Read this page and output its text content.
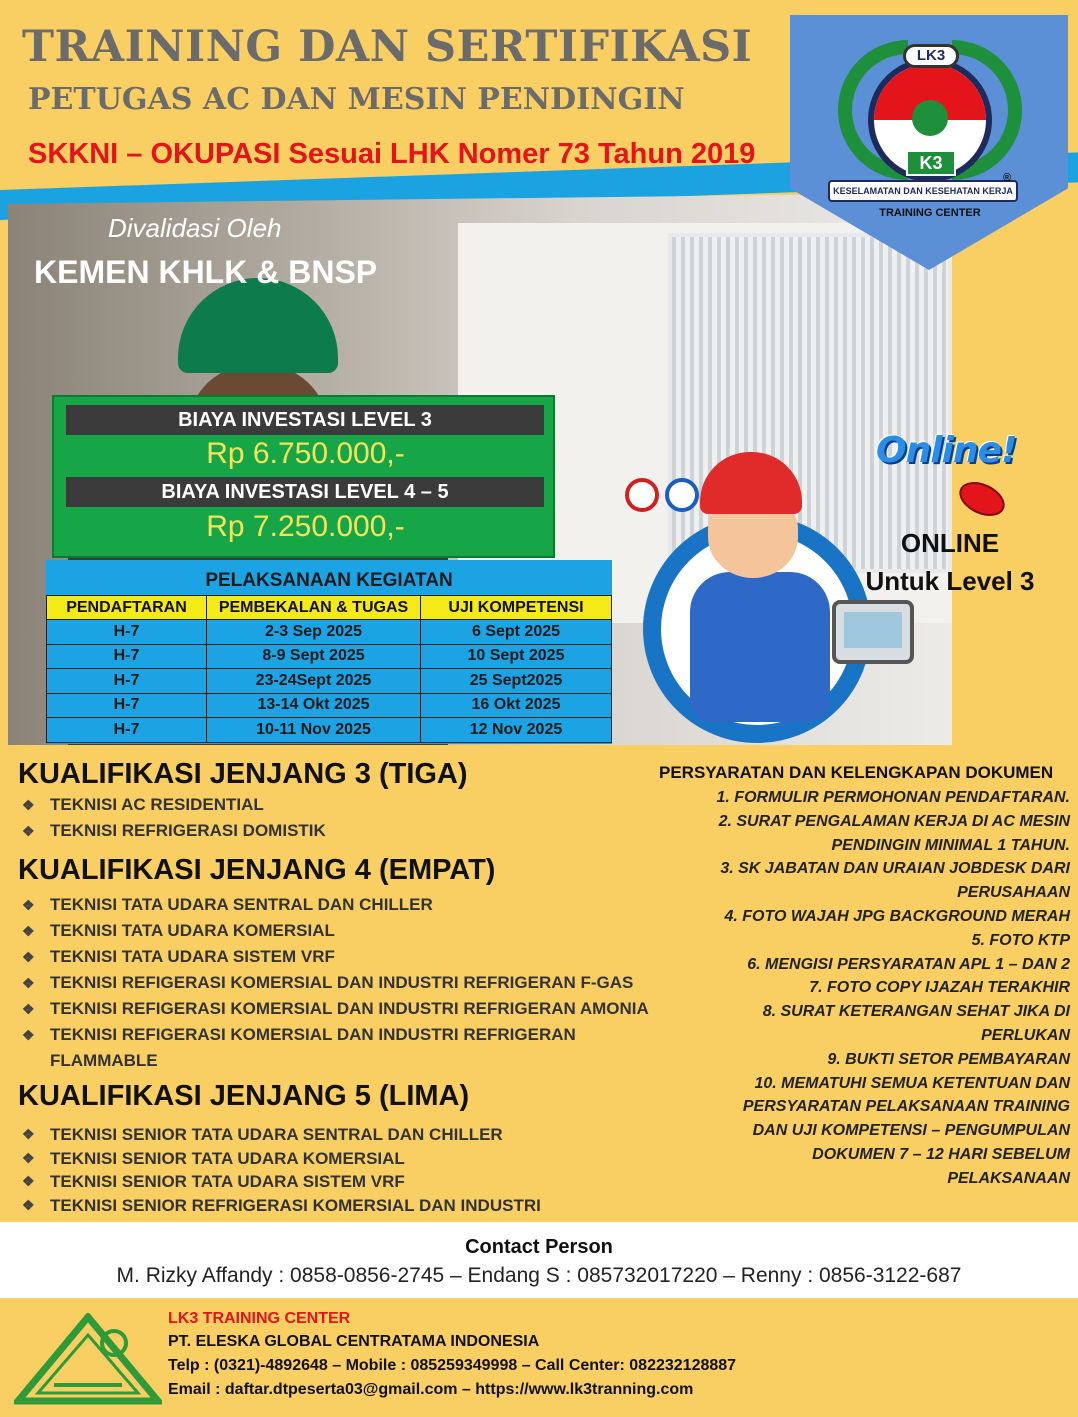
TRAINING DAN SERTIFIKASI
PETUGAS AC DAN MESIN PENDINGIN
SKKNI – OKUPASI Sesuai LHK Nomer 73 Tahun 2019
Divalidasi Oleh
KEMEN KHLK & BNSP
LK3
K3
KESELAMATAN DAN KESEHATAN KERJA
TRAINING CENTER
®
BIAYA INVESTASI LEVEL 3
Rp 6.750.000,-
BIAYA INVESTASI LEVEL 4 – 5
Rp 7.250.000,-
PELAKSANAAN KEGIATAN
PENDAFTARAN	PEMBEKALAN & TUGAS	UJI KOMPETENSI
H-7	2-3 Sep 2025	6 Sept 2025
H-7	8-9 Sept 2025	10 Sept 2025
H-7	23-24Sept 2025	25 Sept2025
H-7	13-14 Okt 2025	16 Okt 2025
H-7	10-11 Nov 2025	12 Nov 2025
Online!
ONLINE
Untuk Level 3
KUALIFIKASI JENJANG 3 (TIGA)
❖ TEKNISI AC RESIDENTIAL
❖ TEKNISI REFRIGERASI DOMISTIK
KUALIFIKASI JENJANG 4 (EMPAT)
❖ TEKNISI TATA UDARA SENTRAL DAN CHILLER
❖ TEKNISI TATA UDARA KOMERSIAL
❖ TEKNISI TATA UDARA SISTEM VRF
❖ TEKNISI REFIGERASI KOMERSIAL DAN INDUSTRI REFRIGERAN F-GAS
❖ TEKNISI REFIGERASI KOMERSIAL DAN INDUSTRI REFRIGERAN AMONIA
❖ TEKNISI REFIGERASI KOMERSIAL DAN INDUSTRI REFRIGERAN FLAMMABLE
KUALIFIKASI JENJANG 5 (LIMA)
❖ TEKNISI SENIOR TATA UDARA SENTRAL DAN CHILLER
❖ TEKNISI SENIOR TATA UDARA KOMERSIAL
❖ TEKNISI SENIOR TATA UDARA SISTEM VRF
❖ TEKNISI SENIOR REFRIGERASI KOMERSIAL DAN INDUSTRI
PERSYARATAN DAN KELENGKAPAN DOKUMEN
1. FORMULIR PERMOHONAN PENDAFTARAN.
2. SURAT PENGALAMAN KERJA DI AC MESIN
PENDINGIN MINIMAL 1 TAHUN.
3. SK JABATAN DAN URAIAN JOBDESK DARI
PERUSAHAAN
4. FOTO WAJAH JPG BACKGROUND MERAH
5. FOTO KTP
6. MENGISI PERSYARATAN APL 1 – DAN 2
7. FOTO COPY IJAZAH TERAKHIR
8. SURAT KETERANGAN SEHAT JIKA DI
PERLUKAN
9. BUKTI SETOR PEMBAYARAN
10. MEMATUHI SEMUA KETENTUAN DAN
PERSYARATAN PELAKSANAAN TRAINING
DAN UJI KOMPETENSI – PENGUMPULAN
DOKUMEN 7 – 12 HARI SEBELUM
PELAKSANAAN
Contact Person
M. Rizky Affandy : 0858-0856-2745 – Endang S : 085732017220 – Renny : 0856-3122-687
LK3 TRAINING CENTER
PT. ELESKA GLOBAL CENTRATAMA INDONESIA
Telp : (0321)-4892648 – Mobile : 085259349998 – Call Center: 082232128887
Email : daftar.dtpeserta03@gmail.com – https://www.lk3tranning.com
